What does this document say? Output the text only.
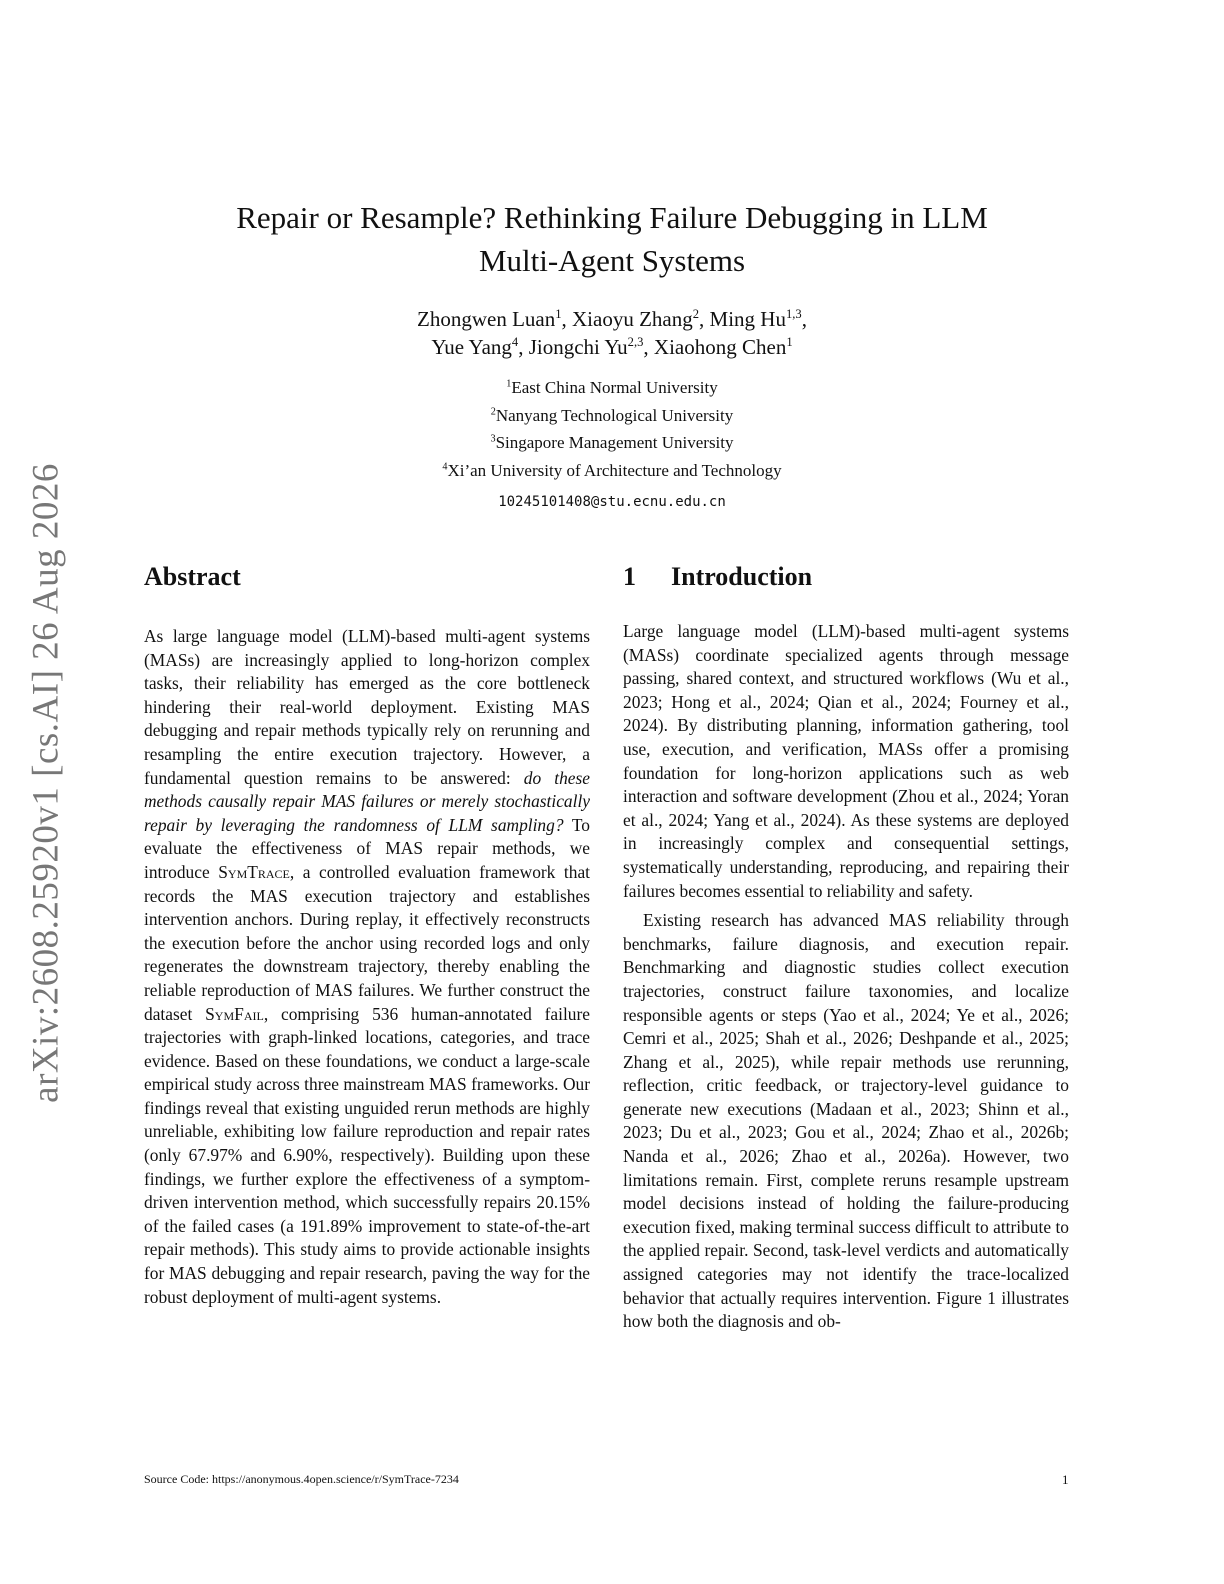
arXiv:2608.25920v1 [cs.AI] 26 Aug 2026
Repair or Resample? Rethinking Failure Debugging in LLM
Multi-Agent Systems
Zhongwen Luan$^1$, Xiaoyu Zhang$^2$, Ming Hu$^{1,3}$,
Yue Yang$^4$, Jiongchi Yu$^{2,3}$, Xiaohong Chen$^1$
$^1$East China Normal University
$^2$Nanyang Technological University
$^3$Singapore Management University
$^4$Xi’an University of Architecture and Technology
10245101408@stu.ecnu.edu.cn
Abstract	1 Introduction

As large language model (LLM)-based multi-agent systems (MASs) are increasingly applied to long-horizon complex tasks, their reliability has emerged as the core bottleneck hindering their real-world deployment. Existing MAS debugging and repair methods typically rely on rerunning and resampling the entire execution trajectory. However, a fundamental question remains to be answered: do these methods causally repair MAS failures or merely stochastically repair by leveraging the randomness of LLM sampling? To evaluate the effectiveness of MAS repair methods, we introduce SymTrace, a controlled evaluation framework that records the MAS execution trajectory and establishes intervention anchors. During replay, it effectively reconstructs the execution before the anchor using recorded logs and only regenerates the downstream trajectory, thereby enabling the reliable reproduction of MAS failures. We further construct the dataset SymFail, comprising 536 human-annotated failure trajectories with graph-linked locations, categories, and trace evidence. Based on these foundations, we conduct a large-scale empirical study across three mainstream MAS frameworks. Our findings reveal that existing unguided rerun methods are highly unreliable, exhibiting low failure reproduction and repair rates (only 67.97% and 6.90%, respectively). Building upon these findings, we further explore the effectiveness of a symptom-driven intervention method, which successfully repairs 20.15% of the failed cases (a 191.89% improvement to state-of-the-art repair methods). This study aims to provide actionable insights for MAS debugging and repair research, paving the way for the robust deployment of multi-agent systems.

Large language model (LLM)-based multi-agent systems (MASs) coordinate specialized agents through message passing, shared context, and structured workflows (Wu et al., 2023; Hong et al., 2024; Qian et al., 2024; Fourney et al., 2024). By distributing planning, information gathering, tool use, execution, and verification, MASs offer a promising foundation for long-horizon applications such as web interaction and software development (Zhou et al., 2024; Yoran et al., 2024; Yang et al., 2024). As these systems are deployed in increasingly complex and consequential settings, systematically understanding, reproducing, and repairing their failures becomes essential to reliability and safety.

Existing research has advanced MAS reliability through benchmarks, failure diagnosis, and execution repair. Benchmarking and diagnostic studies collect execution trajectories, construct failure taxonomies, and localize responsible agents or steps (Yao et al., 2024; Ye et al., 2026; Cemri et al., 2025; Shah et al., 2026; Deshpande et al., 2025; Zhang et al., 2025), while repair methods use rerunning, reflection, critic feedback, or trajectory-level guidance to generate new executions (Madaan et al., 2023; Shinn et al., 2023; Du et al., 2023; Gou et al., 2024; Zhao et al., 2026b; Nanda et al., 2026; Zhao et al., 2026a). However, two limitations remain. First, complete reruns resample upstream model decisions instead of holding the failure-producing execution fixed, making terminal success difficult to attribute to the applied repair. Second, task-level verdicts and automatically assigned categories may not identify the trace-localized behavior that actually requires intervention. Figure 1 illustrates how both the diagnosis and ob-

Source Code: https://anonymous.4open.science/r/SymTrace-7234	1
